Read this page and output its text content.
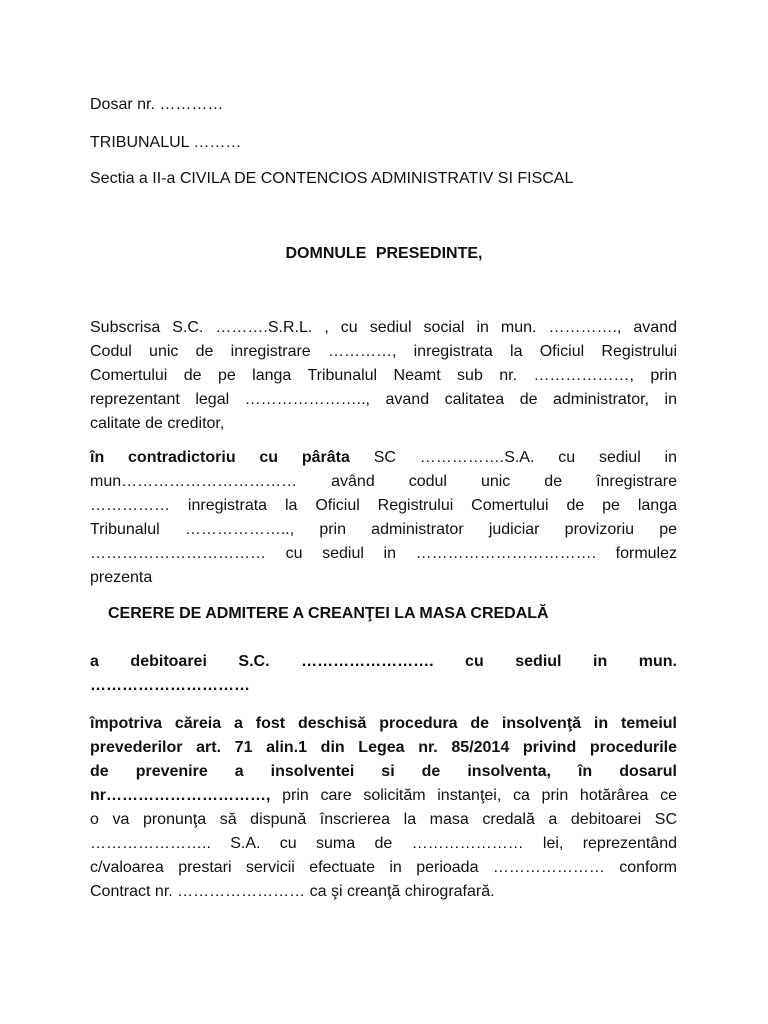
Dosar nr. …………
TRIBUNALUL ………
Sectia a II-a CIVILA DE CONTENCIOS ADMINISTRATIV SI FISCAL
DOMNULE PRESEDINTE,
Subscrisa S.C. ……….S.R.L. , cu sediul social in mun. …………., avand
Codul unic de inregistrare …………, inregistrata la Oficiul Registrului
Comertului de pe langa Tribunalul Neamt sub nr. ………………, prin
reprezentant legal ………………….., avand calitatea de administrator, in
calitate de creditor,
în contradictoriu cu pârâta SC …………….S.A. cu sediul in
mun…………………………… având codul unic de înregistrare
…………… inregistrata la Oficiul Registrului Comertului de pe langa
Tribunalul ……………….., prin administrator judiciar provizoriu pe
…………………………… cu sediul in ……………………………. formulez
prezenta
CERERE DE ADMITERE A CREANŢEI LA MASA CREDALĂ
a debitoarei S.C. ……………………. cu sediul in mun.
…………………………
împotriva căreia a fost deschisă procedura de insolvenţă in temeiul
prevederilor art. 71 alin.1 din Legea nr. 85/2014 privind procedurile
de prevenire a insolventei si de insolventa, în dosarul
nr…………………………, prin care solicităm instanţei, ca prin hotărârea ce
o va pronunţa să dispună înscrierea la masa credală a debitoarei SC
………………….. S.A. cu suma de ………………… lei, reprezentând
c/valoarea prestari servicii efectuate in perioada ………………… conform
Contract nr. …………………… ca şi creanţă chirografară.
